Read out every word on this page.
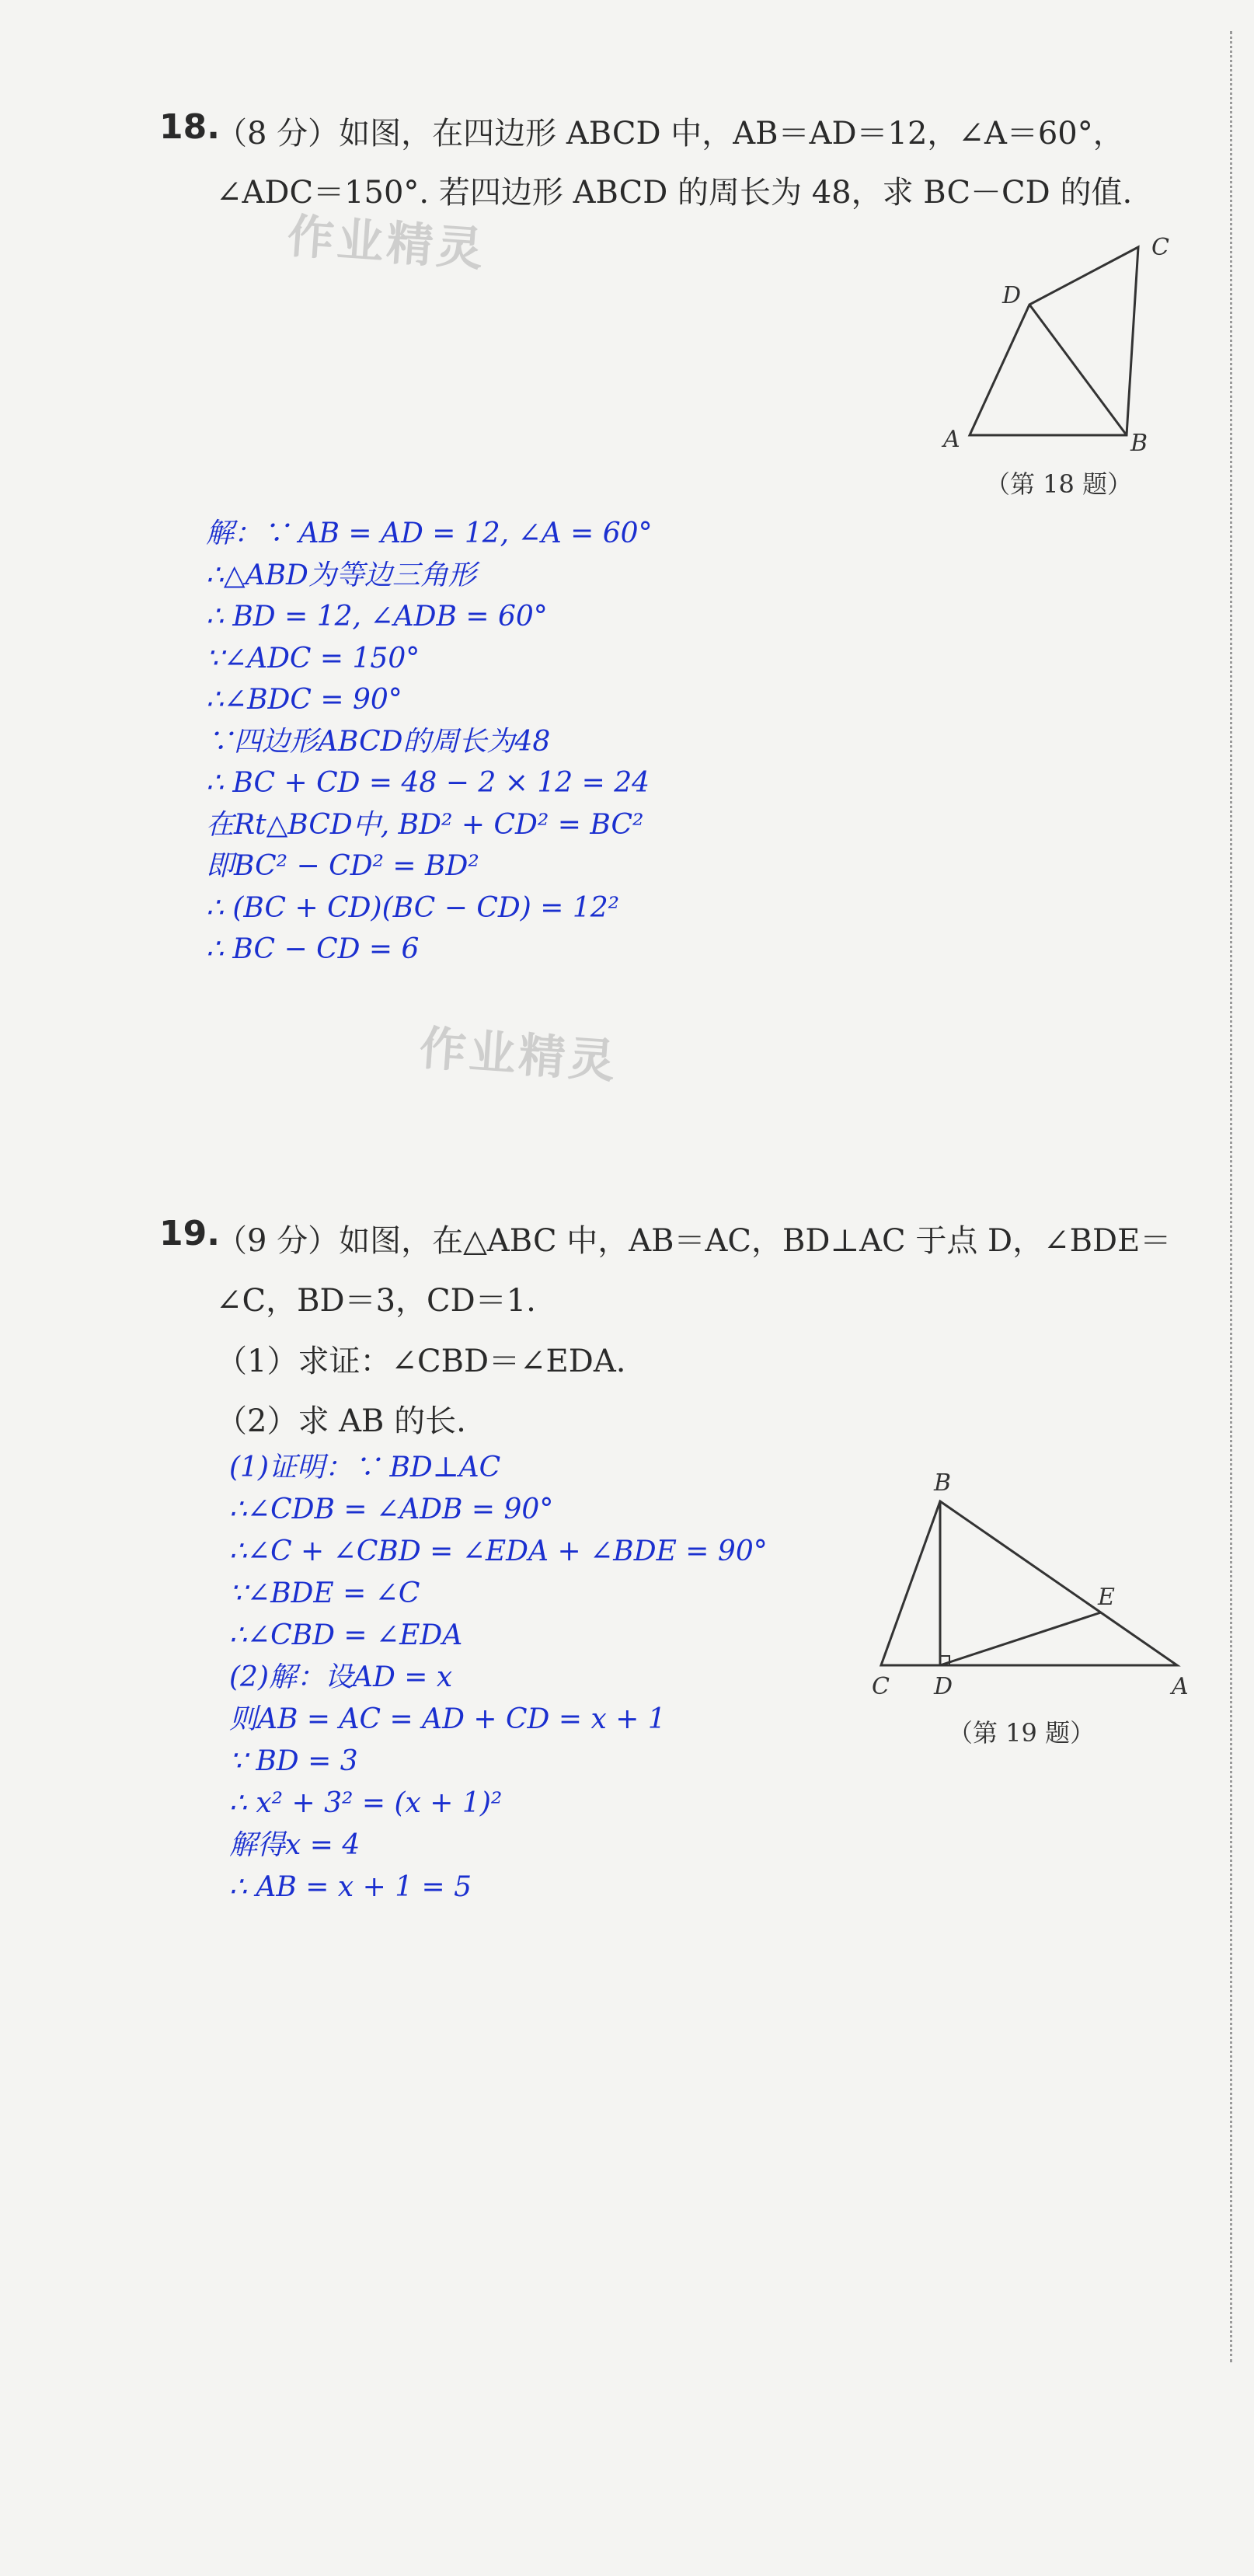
18.
（8 分）如图，在四边形 ABCD 中，AB＝AD＝12，∠A＝60°，
∠ADC＝150°. 若四边形 ABCD 的周长为 48，求 BC－CD 的值.
作业精灵
A	B
C
D
（第 18 题）
解：∵ AB = AD = 12, ∠A = 60°
∴△ABD为等边三角形
∴ BD = 12, ∠ADB = 60°
∵∠ADC = 150°
∴∠BDC = 90°
∵四边形ABCD的周长为48
∴ BC + CD = 48 − 2 × 12 = 24
在Rt△BCD中, BD² + CD² = BC²
即BC² − CD² = BD²
∴ (BC + CD)(BC − CD) = 12²
∴ BC − CD = 6
作业精灵
19.
（9 分）如图，在△ABC 中，AB＝AC，BD⊥AC 于点 D，∠BDE＝
∠C，BD＝3，CD＝1.
（1）求证：∠CBD＝∠EDA.
（2）求 AB 的长.
(1)证明：∵ BD⊥AC
∴∠CDB = ∠ADB = 90°
∴∠C + ∠CBD = ∠EDA + ∠BDE = 90°
∵∠BDE = ∠C
∴∠CBD = ∠EDA
(2)解：设AD = x
则AB = AC = AD + CD = x + 1
∵ BD = 3
∴ x² + 3² = (x + 1)²
解得x = 4
∴ AB = x + 1 = 5
B
C D
E
A
（第 19 题）
